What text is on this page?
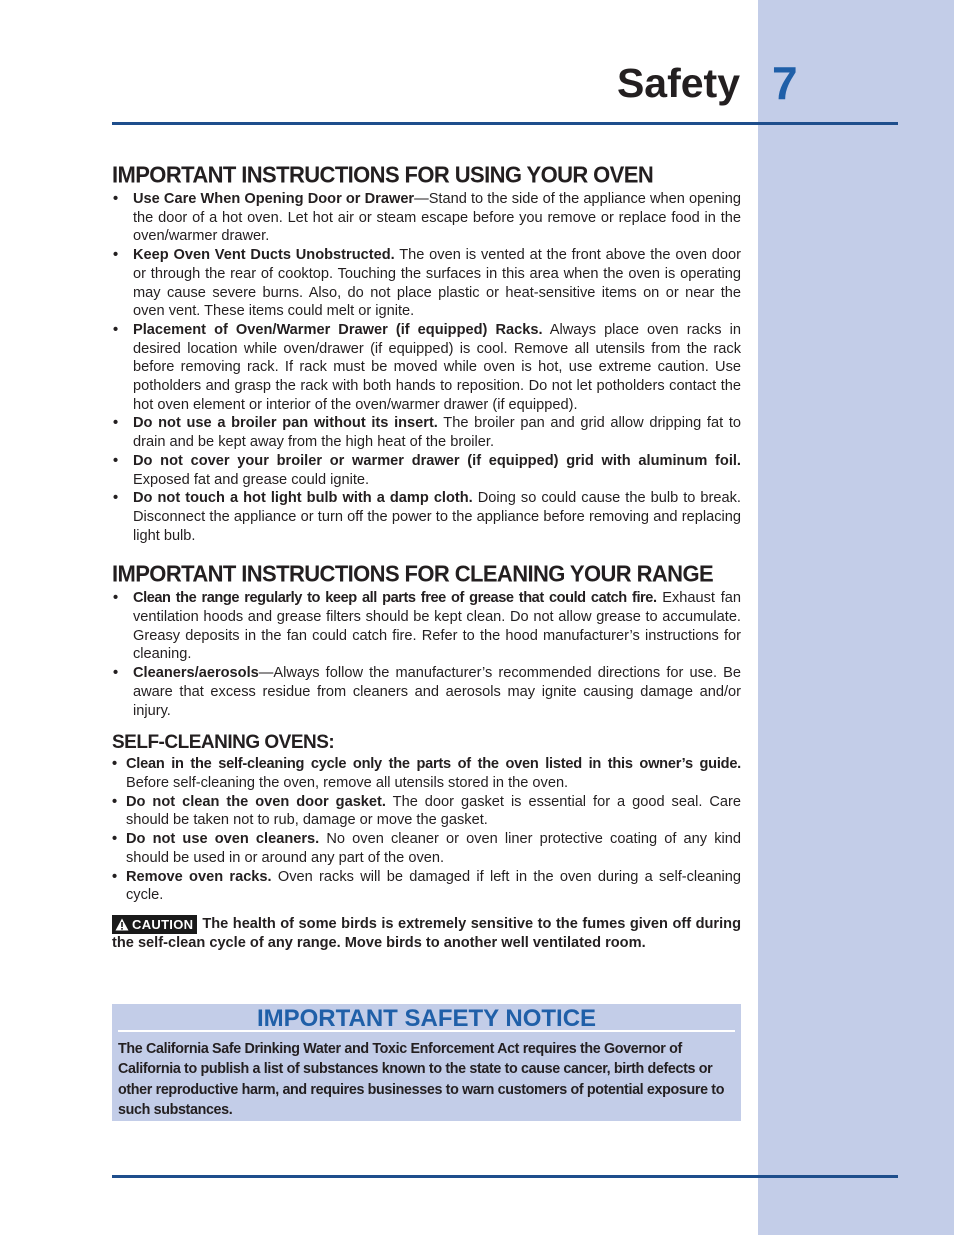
Safety 7
IMPORTANT INSTRUCTIONS FOR USING YOUR OVEN
• Use Care When Opening Door or Drawer—Stand to the side of the appliance when opening the door of a hot oven. Let hot air or steam escape before you remove or replace food in the oven/warmer drawer.
• Keep Oven Vent Ducts Unobstructed. The oven is vented at the front above the oven door or through the rear of cooktop. Touching the surfaces in this area when the oven is operating may cause severe burns. Also, do not place plastic or heat-sensitive items on or near the oven vent. These items could melt or ignite.
• Placement of Oven/Warmer Drawer (if equipped) Racks. Always place oven racks in desired location while oven/drawer (if equipped) is cool. Remove all utensils from the rack before removing rack. If rack must be moved while oven is hot, use extreme caution. Use potholders and grasp the rack with both hands to reposition. Do not let potholders contact the hot oven element or interior of the oven/warmer drawer (if equipped).
• Do not use a broiler pan without its insert. The broiler pan and grid allow dripping fat to drain and be kept away from the high heat of the broiler.
• Do not cover your broiler or warmer drawer (if equipped) grid with aluminum foil. Exposed fat and grease could ignite.
• Do not touch a hot light bulb with a damp cloth. Doing so could cause the bulb to break. Disconnect the appliance or turn off the power to the appliance before removing and replacing light bulb.
IMPORTANT INSTRUCTIONS FOR CLEANING YOUR RANGE
• Clean the range regularly to keep all parts free of grease that could catch fire. Exhaust fan ventilation hoods and grease filters should be kept clean. Do not allow grease to accumulate. Greasy deposits in the fan could catch fire. Refer to the hood manufacturer’s instructions for cleaning.
• Cleaners/aerosols—Always follow the manufacturer’s recommended directions for use. Be aware that excess residue from cleaners and aerosols may ignite causing damage and/or injury.
SELF-CLEANING OVENS:
• Clean in the self-cleaning cycle only the parts of the oven listed in this owner’s guide. Before self-cleaning the oven, remove all utensils stored in the oven.
• Do not clean the oven door gasket. The door gasket is essential for a good seal. Care should be taken not to rub, damage or move the gasket.
• Do not use oven cleaners. No oven cleaner or oven liner protective coating of any kind should be used in or around any part of the oven.
• Remove oven racks. Oven racks will be damaged if left in the oven during a self-cleaning cycle.
CAUTION The health of some birds is extremely sensitive to the fumes given off during the self-clean cycle of any range. Move birds to another well ventilated room.
IMPORTANT SAFETY NOTICE
The California Safe Drinking Water and Toxic Enforcement Act requires the Governor of California to publish a list of substances known to the state to cause cancer, birth defects or other reproductive harm, and requires businesses to warn customers of potential exposure to such substances.
